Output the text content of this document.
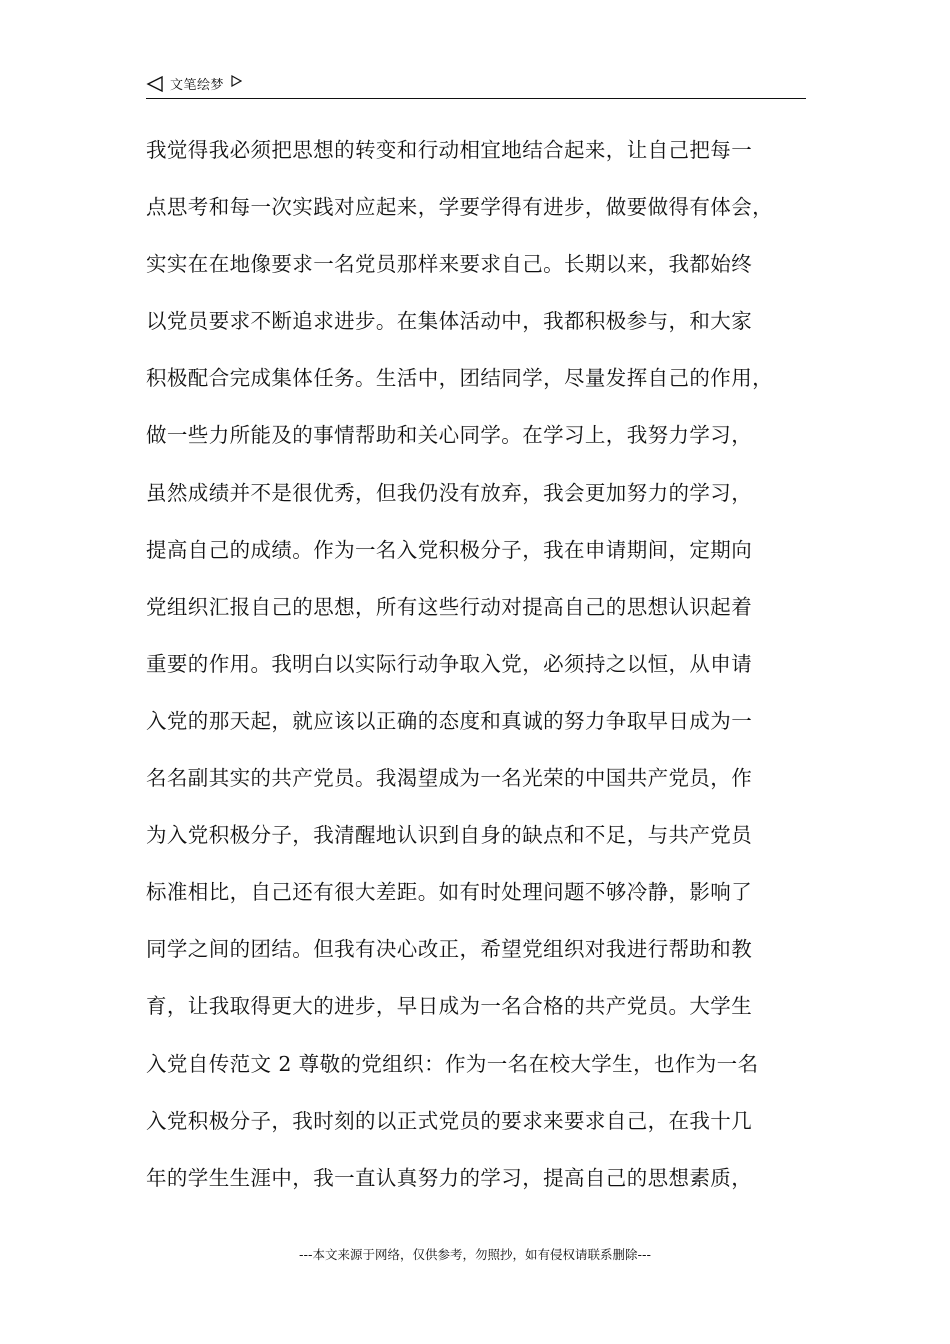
文笔绘梦
我觉得我必须把思想的转变和行动相宜地结合起来，让自己把每一
点思考和每一次实践对应起来，学要学得有进步，做要做得有体会，
实实在在地像要求一名党员那样来要求自己。长期以来，我都始终
以党员要求不断追求进步。在集体活动中，我都积极参与，和大家
积极配合完成集体任务。生活中，团结同学，尽量发挥自己的作用，
做一些力所能及的事情帮助和关心同学。在学习上，我努力学习，
虽然成绩并不是很优秀，但我仍没有放弃，我会更加努力的学习，
提高自己的成绩。作为一名入党积极分子，我在申请期间，定期向
党组织汇报自己的思想，所有这些行动对提高自己的思想认识起着
重要的作用。我明白以实际行动争取入党，必须持之以恒，从申请
入党的那天起，就应该以正确的态度和真诚的努力争取早日成为一
名名副其实的共产党员。我渴望成为一名光荣的中国共产党员，作
为入党积极分子，我清醒地认识到自身的缺点和不足，与共产党员
标准相比，自己还有很大差距。如有时处理问题不够冷静，影响了
同学之间的团结。但我有决心改正，希望党组织对我进行帮助和教
育，让我取得更大的进步，早日成为一名合格的共产党员。大学生
入党自传范文 2 尊敬的党组织：作为一名在校大学生，也作为一名
入党积极分子，我时刻的以正式党员的要求来要求自己，在我十几
年的学生生涯中，我一直认真努力的学习，提高自己的思想素质，
---本文来源于网络，仅供参考，勿照抄，如有侵权请联系删除---
